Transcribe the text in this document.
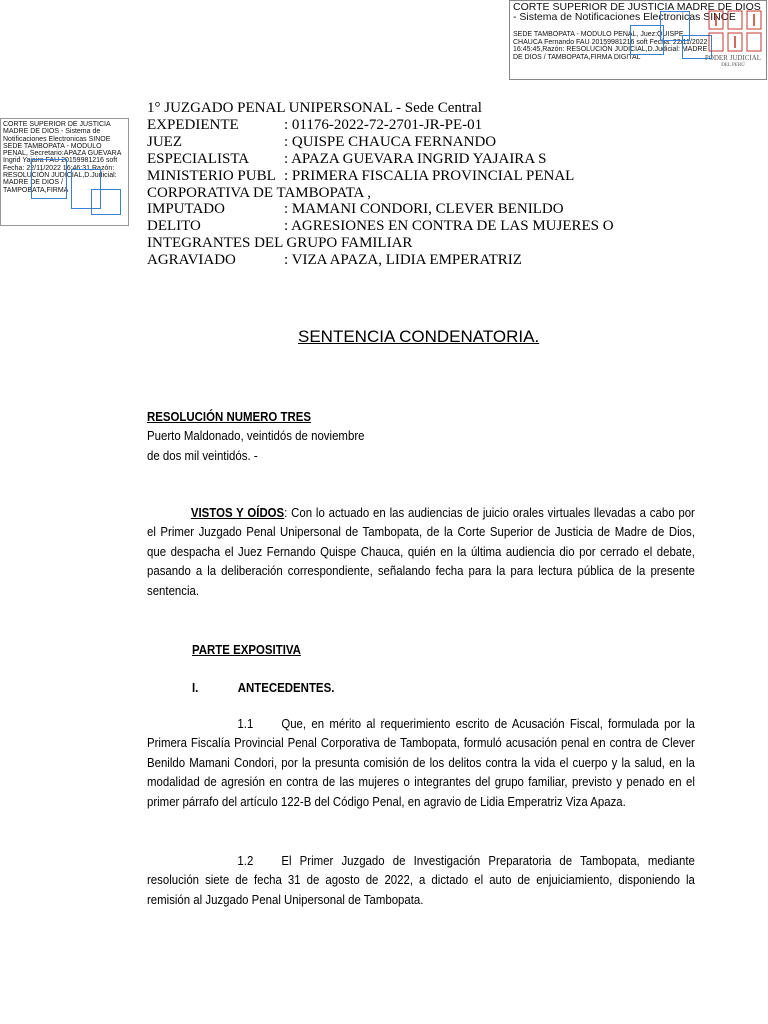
CORTE SUPERIOR DE JUSTICIA MADRE DE DIOS - Sistema de Notificaciones Electronicas SINOE
SEDE TAMBOPATA - MODULO PENAL, Juez:QUISPE CHAUCA Fernando FAU 20159981216 soft Fecha: 22/11/2022 16:45:45,Razón: RESOLUCIÓN JUDICIAL,D.Judicial: MADRE DE DIOS / TAMBOPATA,FIRMA DIGITAL	PODER JUDICIAL
DEL PERÚ
CORTE SUPERIOR DE JUSTICIA MADRE DE DIOS - Sistema de Notificaciones Electronicas SINOE SEDE TAMBOPATA - MODULO PENAL, Secretario:APAZA GUEVARA Ingrid Yajaira FAU 20159981216 soft Fecha: 22/11/2022 16:46:31,Razón: RESOLUCIÓN JUDICIAL,D.Judicial: MADRE DE DIOS / TAMPOBATA,FIRMA
1° JUZGADO PENAL UNIPERSONAL - Sede Central
EXPEDIENTE	: 01176-2022-72-2701-JR-PE-01
JUEZ	: QUISPE CHAUCA FERNANDO
ESPECIALISTA	: APAZA GUEVARA INGRID YAJAIRA S
MINISTERIO PUBL : PRIMERA FISCALIA PROVINCIAL PENAL
CORPORATIVA DE TAMBOPATA ,
IMPUTADO	: MAMANI CONDORI, CLEVER BENILDO
DELITO	: AGRESIONES EN CONTRA DE LAS MUJERES O
INTEGRANTES DEL GRUPO FAMILIAR
AGRAVIADO	: VIZA APAZA, LIDIA EMPERATRIZ
SENTENCIA CONDENATORIA.
RESOLUCIÓN NUMERO TRES
Puerto Maldonado, veintidós de noviembre
de dos mil veintidós. -
VISTOS Y OÍDOS: Con lo actuado en las audiencias de juicio orales virtuales llevadas a cabo por el Primer Juzgado Penal Unipersonal de Tambopata, de la Corte Superior de Justicia de Madre de Dios, que despacha el Juez Fernando Quispe Chauca, quién en la última audiencia dio por cerrado el debate, pasando a la deliberación correspondiente, señalando fecha para la para lectura pública de la presente sentencia.
PARTE EXPOSITIVA
I.	ANTECEDENTES.
1.1 Que, en mérito al requerimiento escrito de Acusación Fiscal, formulada por la Primera Fiscalía Provincial Penal Corporativa de Tambopata, formuló acusación penal en contra de Clever Benildo Mamani Condori, por la presunta comisión de los delitos contra la vida el cuerpo y la salud, en la modalidad de agresión en contra de las mujeres o integrantes del grupo familiar, previsto y penado en el primer párrafo del artículo 122-B del Código Penal, en agravio de Lidia Emperatriz Viza Apaza.
1.2 El Primer Juzgado de Investigación Preparatoria de Tambopata, mediante resolución siete de fecha 31 de agosto de 2022, a dictado el auto de enjuiciamiento, disponiendo la remisión al Juzgado Penal Unipersonal de Tambopata.
